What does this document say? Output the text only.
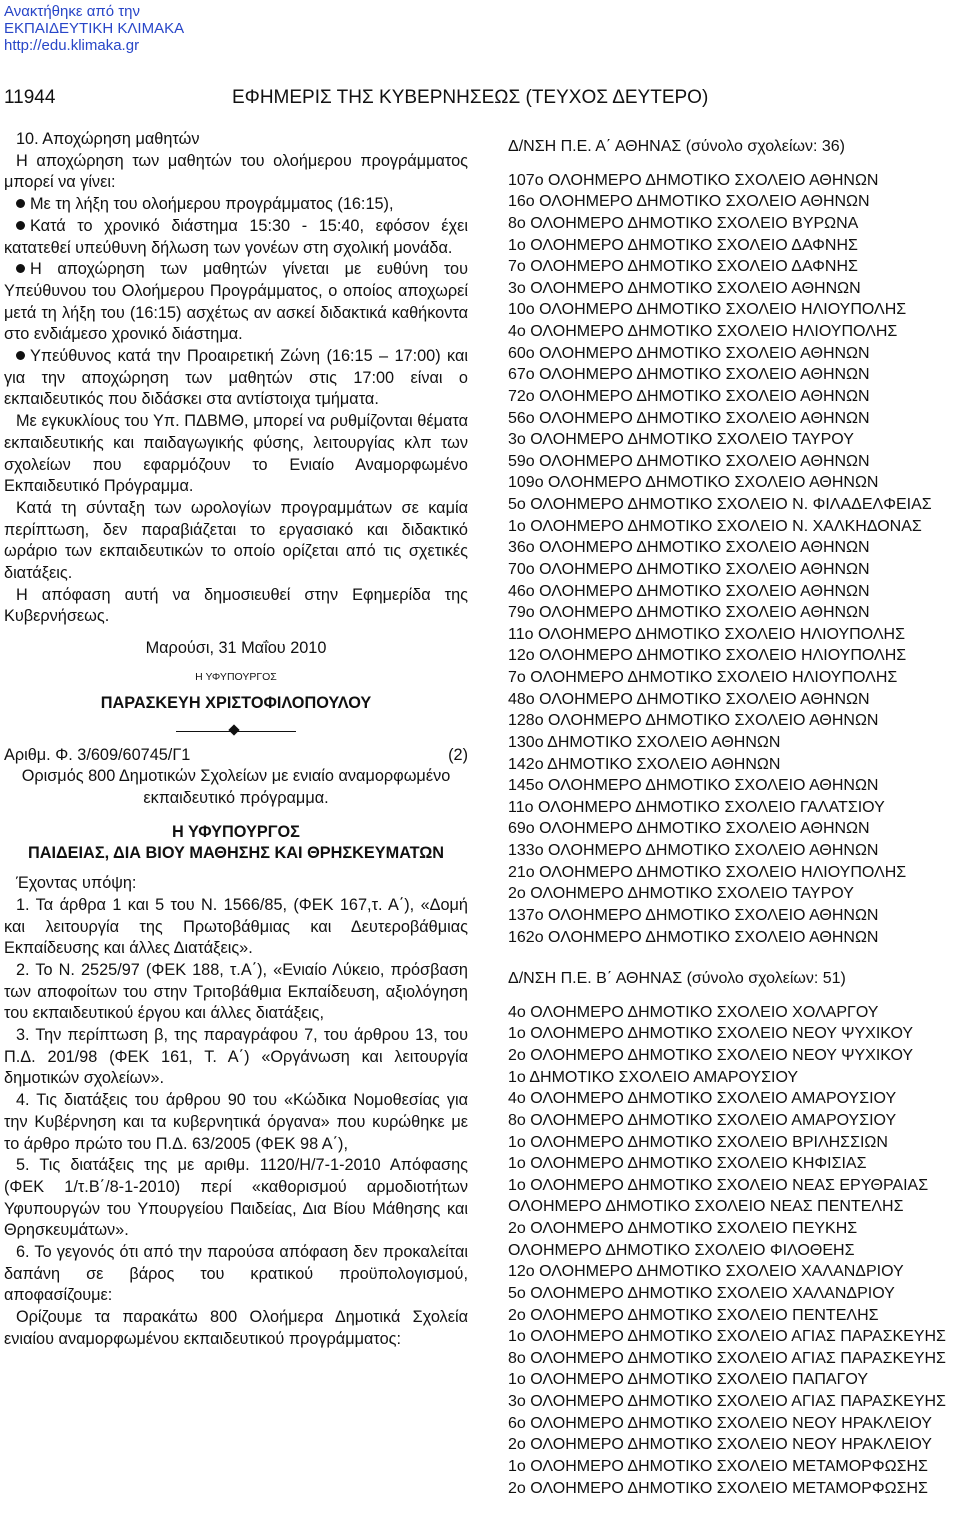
Ανακτήθηκε από την
ΕΚΠΑΙΔΕΥΤΙΚΗ ΚΛΙΜΑΚΑ
http://edu.klimaka.gr
11944	ΕΦΗΜΕΡΙΣ ΤΗΣ ΚΥΒΕΡΝΗΣΕΩΣ (ΤΕΥΧΟΣ ΔΕΥΤΕΡΟ)

10. Αποχώρηση μαθητών

Η αποχώρηση των μαθητών του ολοήμερου προγράμματος μπορεί να γίνει:

Με τη λήξη του ολοήμερου προγράμματος (16:15),

Κατά το χρονικό διάστημα 15:30 - 15:40, εφόσον έχει κατατεθεί υπεύθυνη δήλωση των γονέων στη σχολική μονάδα.

Η αποχώρηση των μαθητών γίνεται με ευθύνη του Υπεύθυνου του Ολοήμερου Προγράμματος, ο οποίος αποχωρεί μετά τη λήξη του (16:15) ασχέτως αν ασκεί διδακτικά καθήκοντα στο ενδιάμεσο χρονικό διάστημα.

Υπεύθυνος κατά την Προαιρετική Ζώνη (16:15 – 17:00) και για την αποχώρηση των μαθητών στις 17:00 είναι ο εκπαιδευτικός που διδάσκει στα αντίστοιχα τμήματα.

Με εγκυκλίους του Υπ. ΠΔΒΜΘ, μπορεί να ρυθμίζονται θέματα εκπαιδευτικής και παιδαγωγικής φύσης, λειτουργίας κλπ των σχολείων που εφαρμόζουν το Ενιαίο Αναμορφωμένο Εκπαιδευτικό Πρόγραμμα.

Κατά τη σύνταξη των ωρολογίων προγραμμάτων σε καμία περίπτωση, δεν παραβιάζεται το εργασιακό και διδακτικό ωράριο των εκπαιδευτικών το οποίο ορίζεται από τις σχετικές διατάξεις.

Η απόφαση αυτή να δημοσιευθεί στην Εφημερίδα της Κυβερνήσεως.

Μαρούσι, 31 Μαΐου 2010

Η ΥΦΥΠΟΥΡΓΟΣ

ΠΑΡΑΣΚΕΥΗ ΧΡΙΣΤΟΦΙΛΟΠΟΥΛΟΥ

Αριθμ. Φ. 3/609/60745/Γ1	(2)

Ορισμός 800 Δημοτικών Σχολείων με ενιαίο αναμορφωμένο εκπαιδευτικό πρόγραμμα.

Η ΥΦΥΠΟΥΡΓΟΣ

ΠΑΙΔΕΙΑΣ, ΔΙΑ ΒΙΟΥ ΜΑΘΗΣΗΣ ΚΑΙ ΘΡΗΣΚΕΥΜΑΤΩΝ

Έχοντας υπόψη:

1. Τα άρθρα 1 και 5 του Ν. 1566/85, (ΦΕΚ 167,τ. Α΄), «Δομή και λειτουργία της Πρωτοβάθμιας και Δευτεροβάθμιας Εκπαίδευσης και άλλες Διατάξεις».

2. Το Ν. 2525/97 (ΦΕΚ 188, τ.Α΄), «Ενιαίο Λύκειο, πρόσβαση των αποφοίτων του στην Τριτοβάθμια Εκπαίδευση, αξιολόγηση του εκπαιδευτικού έργου και άλλες διατάξεις,

3. Την περίπτωση β, της παραγράφου 7, του άρθρου 13, του Π.Δ. 201/98 (ΦΕΚ 161, Τ. Α΄) «Οργάνωση και λειτουργία δημοτικών σχολείων».

4. Τις διατάξεις του άρθρου 90 του «Κώδικα Νομοθεσίας για την Κυβέρνηση και τα κυβερνητικά όργανα» που κυρώθηκε με το άρθρο πρώτο του Π.Δ. 63/2005 (ΦΕΚ 98 Α΄),

5. Τις διατάξεις της με αριθμ. 1120/Η/7-1-2010 Απόφασης (ΦΕΚ 1/τ.Β΄/8-1-2010) περί «καθορισμού αρμοδιοτήτων Υφυπουργών του Υπουργείου Παιδείας, Δια Βίου Μάθησης και Θρησκευμάτων».

6. Το γεγονός ότι από την παρούσα απόφαση δεν προκαλείται δαπάνη σε βάρος του κρατικού προϋπολογισμού, αποφασίζουμε:

Ορίζουμε τα παρακάτω 800 Ολοήμερα Δημοτικά Σχολεία ενιαίου αναμορφωμένου εκπαιδευτικού προγράμματος:

Δ/ΝΣΗ Π.Ε. Α΄ ΑΘΗΝΑΣ (σύνολο σχολείων: 36)

107ο ΟΛΟΗΜΕΡΟ ΔΗΜΟΤΙΚΟ ΣΧΟΛΕΙΟ ΑΘΗΝΩΝ
16ο ΟΛΟΗΜΕΡΟ ΔΗΜΟΤΙΚΟ ΣΧΟΛΕΙΟ ΑΘΗΝΩΝ
8ο ΟΛΟΗΜΕΡΟ ΔΗΜΟΤΙΚΟ ΣΧΟΛΕΙΟ ΒΥΡΩΝΑ
1ο ΟΛΟΗΜΕΡΟ ΔΗΜΟΤΙΚΟ ΣΧΟΛΕΙΟ ΔΑΦΝΗΣ
7ο ΟΛΟΗΜΕΡΟ ΔΗΜΟΤΙΚΟ ΣΧΟΛΕΙΟ ΔΑΦΝΗΣ
3ο ΟΛΟΗΜΕΡΟ ΔΗΜΟΤΙΚΟ ΣΧΟΛΕΙΟ ΑΘΗΝΩΝ
10ο ΟΛΟΗΜΕΡΟ ΔΗΜΟΤΙΚΟ ΣΧΟΛΕΙΟ ΗΛΙΟΥΠΟΛΗΣ
4ο ΟΛΟΗΜΕΡΟ ΔΗΜΟΤΙΚΟ ΣΧΟΛΕΙΟ ΗΛΙΟΥΠΟΛΗΣ
60ο ΟΛΟΗΜΕΡΟ ΔΗΜΟΤΙΚΟ ΣΧΟΛΕΙΟ ΑΘΗΝΩΝ
67ο ΟΛΟΗΜΕΡΟ ΔΗΜΟΤΙΚΟ ΣΧΟΛΕΙΟ ΑΘΗΝΩΝ
72ο ΟΛΟΗΜΕΡΟ ΔΗΜΟΤΙΚΟ ΣΧΟΛΕΙΟ ΑΘΗΝΩΝ
56ο ΟΛΟΗΜΕΡΟ ΔΗΜΟΤΙΚΟ ΣΧΟΛΕΙΟ ΑΘΗΝΩΝ
3ο ΟΛΟΗΜΕΡΟ ΔΗΜΟΤΙΚΟ ΣΧΟΛΕΙΟ ΤΑΥΡΟΥ
59ο ΟΛΟΗΜΕΡΟ ΔΗΜΟΤΙΚΟ ΣΧΟΛΕΙΟ ΑΘΗΝΩΝ
109ο ΟΛΟΗΜΕΡΟ ΔΗΜΟΤΙΚΟ ΣΧΟΛΕΙΟ ΑΘΗΝΩΝ
5ο ΟΛΟΗΜΕΡΟ ΔΗΜΟΤΙΚΟ ΣΧΟΛΕΙΟ Ν. ΦΙΛΑΔΕΛΦΕΙΑΣ
1ο ΟΛΟΗΜΕΡΟ ΔΗΜΟΤΙΚΟ ΣΧΟΛΕΙΟ Ν. ΧΑΛΚΗΔΟΝΑΣ
36ο ΟΛΟΗΜΕΡΟ ΔΗΜΟΤΙΚΟ ΣΧΟΛΕΙΟ ΑΘΗΝΩΝ
70ο ΟΛΟΗΜΕΡΟ ΔΗΜΟΤΙΚΟ ΣΧΟΛΕΙΟ ΑΘΗΝΩΝ
46ο ΟΛΟΗΜΕΡΟ ΔΗΜΟΤΙΚΟ ΣΧΟΛΕΙΟ ΑΘΗΝΩΝ
79ο ΟΛΟΗΜΕΡΟ ΔΗΜΟΤΙΚΟ ΣΧΟΛΕΙΟ ΑΘΗΝΩΝ
11ο ΟΛΟΗΜΕΡΟ ΔΗΜΟΤΙΚΟ ΣΧΟΛΕΙΟ ΗΛΙΟΥΠΟΛΗΣ
12ο ΟΛΟΗΜΕΡΟ ΔΗΜΟΤΙΚΟ ΣΧΟΛΕΙΟ ΗΛΙΟΥΠΟΛΗΣ
7ο ΟΛΟΗΜΕΡΟ ΔΗΜΟΤΙΚΟ ΣΧΟΛΕΙΟ ΗΛΙΟΥΠΟΛΗΣ
48ο ΟΛΟΗΜΕΡΟ ΔΗΜΟΤΙΚΟ ΣΧΟΛΕΙΟ ΑΘΗΝΩΝ
128ο ΟΛΟΗΜΕΡΟ ΔΗΜΟΤΙΚΟ ΣΧΟΛΕΙΟ ΑΘΗΝΩΝ
130ο ΔΗΜΟΤΙΚΟ ΣΧΟΛΕΙΟ ΑΘΗΝΩΝ
142ο ΔΗΜΟΤΙΚΟ ΣΧΟΛΕΙΟ ΑΘΗΝΩΝ
145ο ΟΛΟΗΜΕΡΟ ΔΗΜΟΤΙΚΟ ΣΧΟΛΕΙΟ ΑΘΗΝΩΝ
11ο ΟΛΟΗΜΕΡΟ ΔΗΜΟΤΙΚΟ ΣΧΟΛΕΙΟ ΓΑΛΑΤΣΙΟΥ
69ο ΟΛΟΗΜΕΡΟ ΔΗΜΟΤΙΚΟ ΣΧΟΛΕΙΟ ΑΘΗΝΩΝ
133ο ΟΛΟΗΜΕΡΟ ΔΗΜΟΤΙΚΟ ΣΧΟΛΕΙΟ ΑΘΗΝΩΝ
21ο ΟΛΟΗΜΕΡΟ ΔΗΜΟΤΙΚΟ ΣΧΟΛΕΙΟ ΗΛΙΟΥΠΟΛΗΣ
2ο ΟΛΟΗΜΕΡΟ ΔΗΜΟΤΙΚΟ ΣΧΟΛΕΙΟ ΤΑΥΡΟΥ
137ο ΟΛΟΗΜΕΡΟ ΔΗΜΟΤΙΚΟ ΣΧΟΛΕΙΟ ΑΘΗΝΩΝ
162ο ΟΛΟΗΜΕΡΟ ΔΗΜΟΤΙΚΟ ΣΧΟΛΕΙΟ ΑΘΗΝΩΝ

Δ/ΝΣΗ Π.Ε. Β΄ ΑΘΗΝΑΣ (σύνολο σχολείων: 51)

4ο ΟΛΟΗΜΕΡΟ ΔΗΜΟΤΙΚΟ ΣΧΟΛΕΙΟ ΧΟΛΑΡΓΟΥ
1ο ΟΛΟΗΜΕΡΟ ΔΗΜΟΤΙΚΟ ΣΧΟΛΕΙΟ ΝΕΟΥ ΨΥΧΙΚΟΥ
2ο ΟΛΟΗΜΕΡΟ ΔΗΜΟΤΙΚΟ ΣΧΟΛΕΙΟ ΝΕΟΥ ΨΥΧΙΚΟΥ
1ο ΔΗΜΟΤΙΚΟ ΣΧΟΛΕΙΟ ΑΜΑΡΟΥΣΙΟΥ
4ο ΟΛΟΗΜΕΡΟ ΔΗΜΟΤΙΚΟ ΣΧΟΛΕΙΟ ΑΜΑΡΟΥΣΙΟΥ
8ο ΟΛΟΗΜΕΡΟ ΔΗΜΟΤΙΚΟ ΣΧΟΛΕΙΟ ΑΜΑΡΟΥΣΙΟΥ
1ο ΟΛΟΗΜΕΡΟ ΔΗΜΟΤΙΚΟ ΣΧΟΛΕΙΟ ΒΡΙΛΗΣΣΙΩΝ
1ο ΟΛΟΗΜΕΡΟ ΔΗΜΟΤΙΚΟ ΣΧΟΛΕΙΟ ΚΗΦΙΣΙΑΣ
1ο ΟΛΟΗΜΕΡΟ ΔΗΜΟΤΙΚΟ ΣΧΟΛΕΙΟ ΝΕΑΣ ΕΡΥΘΡΑΙΑΣ
ΟΛΟΗΜΕΡΟ ΔΗΜΟΤΙΚΟ ΣΧΟΛΕΙΟ ΝΕΑΣ ΠΕΝΤΕΛΗΣ
2ο ΟΛΟΗΜΕΡΟ ΔΗΜΟΤΙΚΟ ΣΧΟΛΕΙΟ ΠΕΥΚΗΣ
ΟΛΟΗΜΕΡΟ ΔΗΜΟΤΙΚΟ ΣΧΟΛΕΙΟ ΦΙΛΟΘΕΗΣ
12ο ΟΛΟΗΜΕΡΟ ΔΗΜΟΤΙΚΟ ΣΧΟΛΕΙΟ ΧΑΛΑΝΔΡΙΟΥ
5ο ΟΛΟΗΜΕΡΟ ΔΗΜΟΤΙΚΟ ΣΧΟΛΕΙΟ ΧΑΛΑΝΔΡΙΟΥ
2ο ΟΛΟΗΜΕΡΟ ΔΗΜΟΤΙΚΟ ΣΧΟΛΕΙΟ ΠΕΝΤΕΛΗΣ
1ο ΟΛΟΗΜΕΡΟ ΔΗΜΟΤΙΚΟ ΣΧΟΛΕΙΟ ΑΓΙΑΣ ΠΑΡΑΣΚΕΥΗΣ
8ο ΟΛΟΗΜΕΡΟ ΔΗΜΟΤΙΚΟ ΣΧΟΛΕΙΟ ΑΓΙΑΣ ΠΑΡΑΣΚΕΥΗΣ
1ο ΟΛΟΗΜΕΡΟ ΔΗΜΟΤΙΚΟ ΣΧΟΛΕΙΟ ΠΑΠΑΓΟΥ
3ο ΟΛΟΗΜΕΡΟ ΔΗΜΟΤΙΚΟ ΣΧΟΛΕΙΟ ΑΓΙΑΣ ΠΑΡΑΣΚΕΥΗΣ
6ο ΟΛΟΗΜΕΡΟ ΔΗΜΟΤΙΚΟ ΣΧΟΛΕΙΟ ΝΕΟΥ ΗΡΑΚΛΕΙΟΥ
2ο ΟΛΟΗΜΕΡΟ ΔΗΜΟΤΙΚΟ ΣΧΟΛΕΙΟ ΝΕΟΥ ΗΡΑΚΛΕΙΟΥ
1ο ΟΛΟΗΜΕΡΟ ΔΗΜΟΤΙΚΟ ΣΧΟΛΕΙΟ ΜΕΤΑΜΟΡΦΩΣΗΣ
2ο ΟΛΟΗΜΕΡΟ ΔΗΜΟΤΙΚΟ ΣΧΟΛΕΙΟ ΜΕΤΑΜΟΡΦΩΣΗΣ
